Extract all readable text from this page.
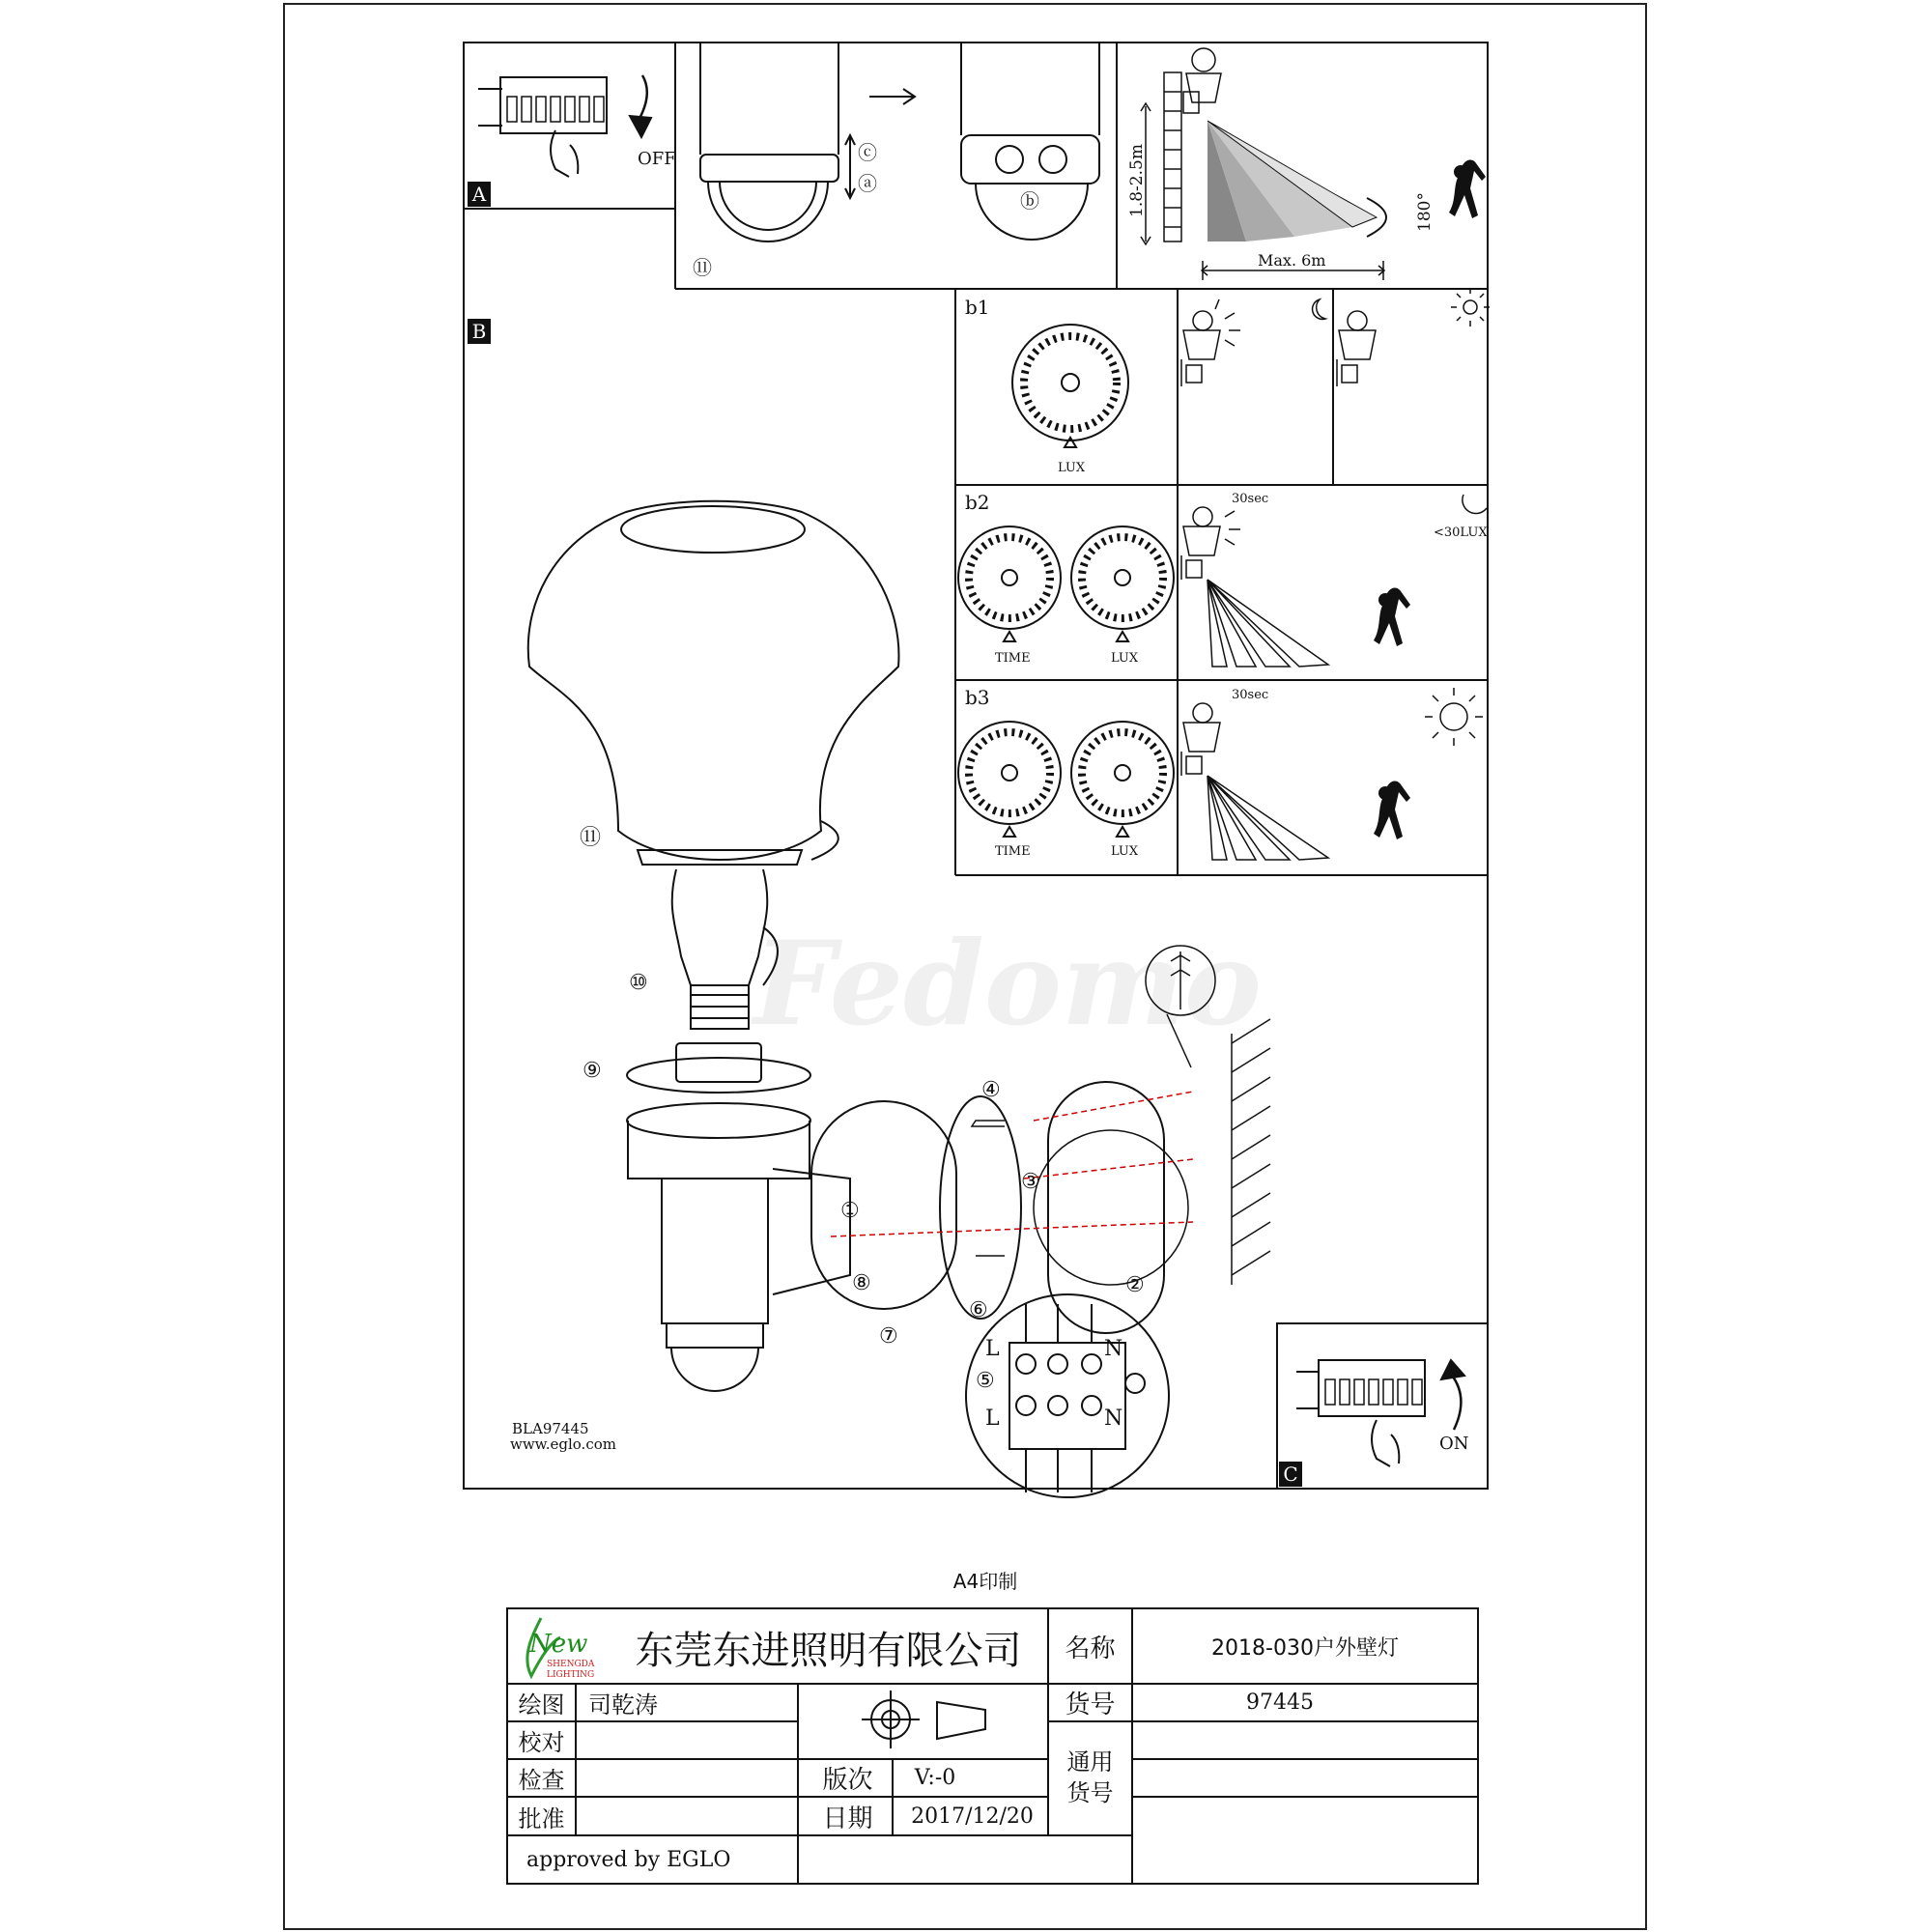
A
B
C
OFF	ⓒ
ⓐ
ⓑ
⑪
1.8-2.5m
Max. 6m
180°
b1
LUX
b2
TIME	LUX
30sec
<30LUX
b3
TIME	LUX
30sec
L
L
N
N
①
②
③
④
⑤
⑥
⑦
⑧
⑨
⑩
⑪
ON
BLA97445
www.eglo.com
Fedomo
A4印制
New
SHENGDA
LIGHTING
东莞东进照明有限公司	名称	2018-030户外壁灯
绘图	司乾涛
校对
检查
批准
货号	97445
通用
货号
版次	V:-0
日期	2017/12/20
approved by EGLO
